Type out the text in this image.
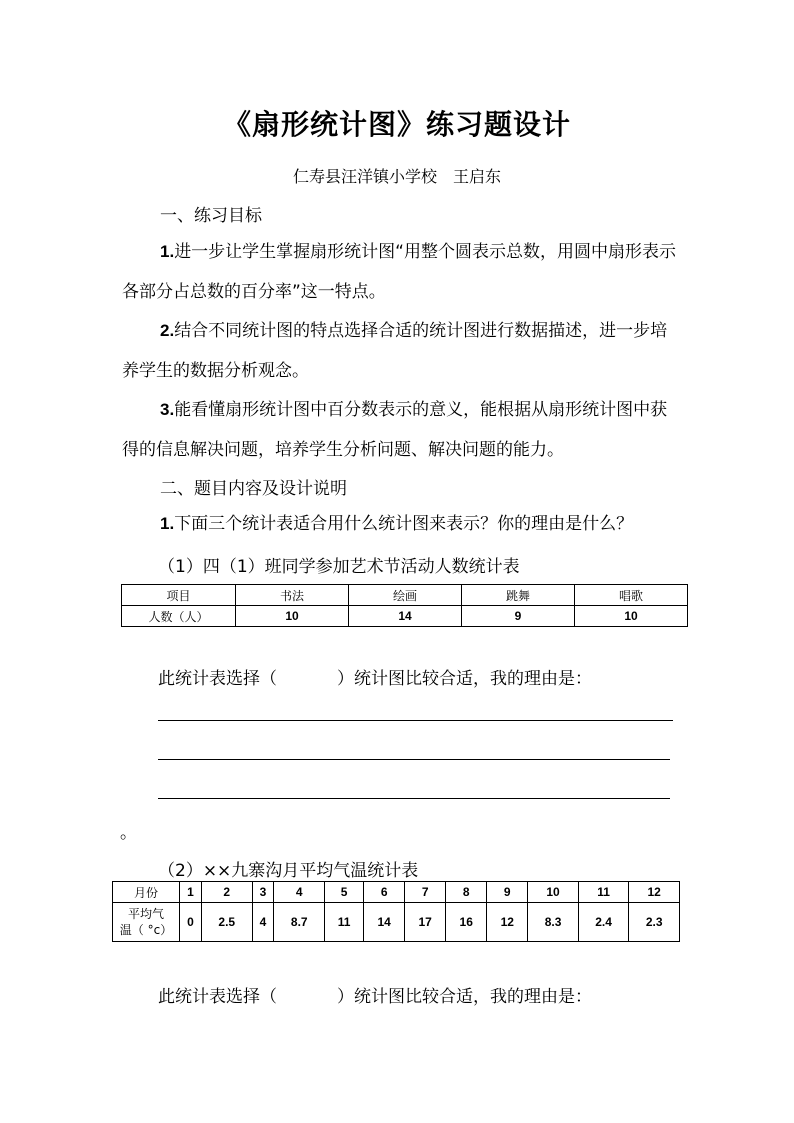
《扇形统计图》练习题设计
仁寿县汪洋镇小学校　王启东
一、练习目标
1.进一步让学生掌握扇形统计图“用整个圆表示总数，用圆中扇形表示各部分占总数的百分率”这一特点。
2.结合不同统计图的特点选择合适的统计图进行数据描述，进一步培养学生的数据分析观念。
3.能看懂扇形统计图中百分数表示的意义，能根据从扇形统计图中获得的信息解决问题，培养学生分析问题、解决问题的能力。
二、题目内容及设计说明
1.下面三个统计表适合用什么统计图来表示？你的理由是什么？
（1）四（1）班同学参加艺术节活动人数统计表
项目	书法	绘画	跳舞	唱歌
人数（人）	10	14	9	10
此统计表选择（	）统计图比较合适，我的理由是：
。
（2）××九寨沟月平均气温统计表
月份	1	2	3	4	5	6	7	8	9	10	11	12

平均气
温（ °c）	0	2.5	4	8.7	11	14	17	16	12	8.3	2.4	2.3
此统计表选择（	）统计图比较合适，我的理由是：
